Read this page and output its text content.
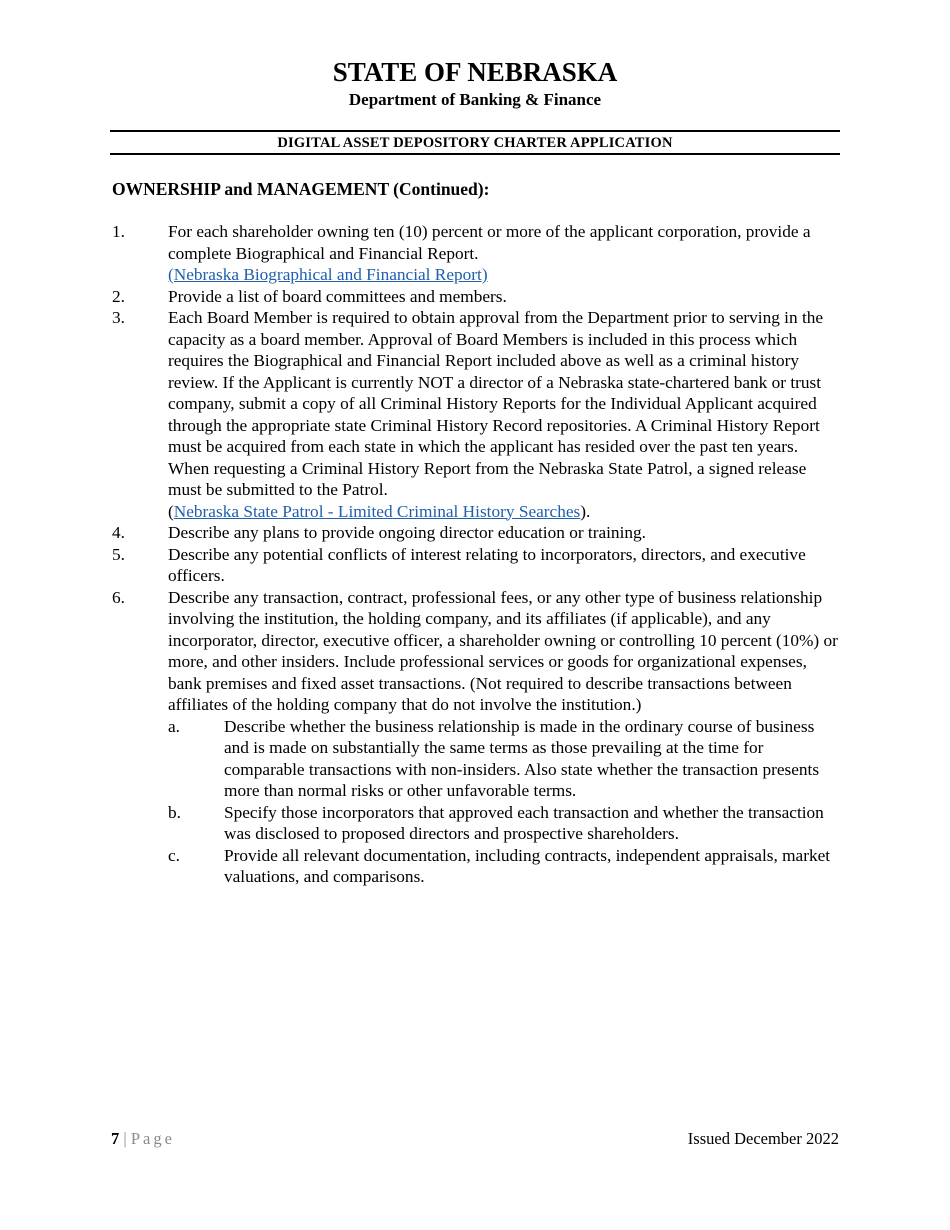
STATE OF NEBRASKA
Department of Banking & Finance
DIGITAL ASSET DEPOSITORY CHARTER APPLICATION
OWNERSHIP and MANAGEMENT (Continued):
1.	For each shareholder owning ten (10) percent or more of the applicant corporation, provide a complete Biographical and Financial Report.
(Nebraska Biographical and Financial Report)
2.	Provide a list of board committees and members.
3.	Each Board Member is required to obtain approval from the Department prior to serving in the capacity as a board member. Approval of Board Members is included in this process which requires the Biographical and Financial Report included above as well as a criminal history review. If the Applicant is currently NOT a director of a Nebraska state-chartered bank or trust company, submit a copy of all Criminal History Reports for the Individual Applicant acquired through the appropriate state Criminal History Record repositories. A Criminal History Report must be acquired from each state in which the applicant has resided over the past ten years. When requesting a Criminal History Report from the Nebraska State Patrol, a signed release must be submitted to the Patrol.
(Nebraska State Patrol - Limited Criminal History Searches).
4.	Describe any plans to provide ongoing director education or training.
5.	Describe any potential conflicts of interest relating to incorporators, directors, and executive officers.
6.	Describe any transaction, contract, professional fees, or any other type of business relationship involving the institution, the holding company, and its affiliates (if applicable), and any incorporator, director, executive officer, a shareholder owning or controlling 10 percent (10%) or more, and other insiders. Include professional services or goods for organizational expenses, bank premises and fixed asset transactions. (Not required to describe transactions between affiliates of the holding company that do not involve the institution.)
a.	Describe whether the business relationship is made in the ordinary course of business and is made on substantially the same terms as those prevailing at the time for comparable transactions with non-insiders. Also state whether the transaction presents more than normal risks or other unfavorable terms.
b.	Specify those incorporators that approved each transaction and whether the transaction was disclosed to proposed directors and prospective shareholders.
c.	Provide all relevant documentation, including contracts, independent appraisals, market valuations, and comparisons.
7 | Page	Issued December 2022
